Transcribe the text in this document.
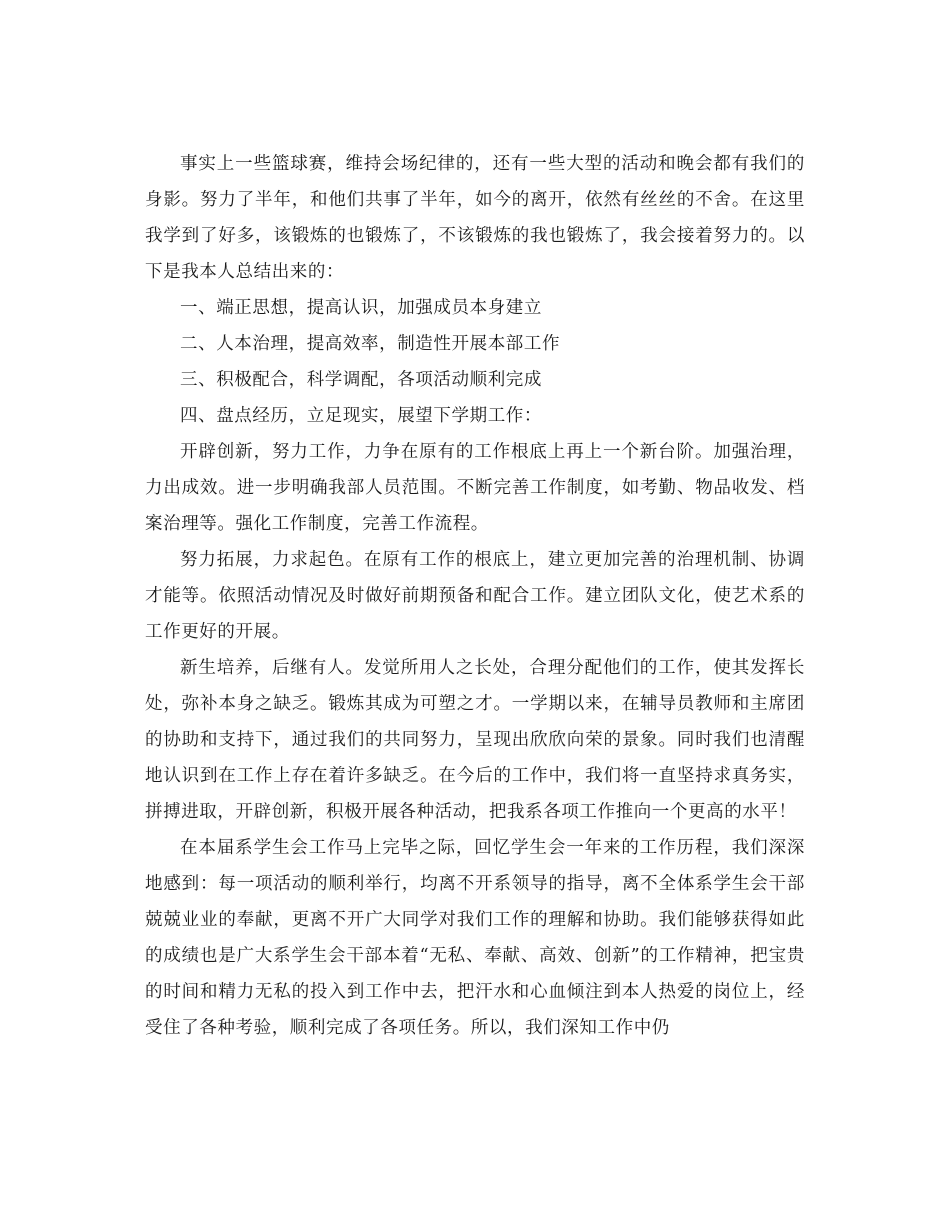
事实上一些篮球赛，维持会场纪律的，还有一些大型的活动和晚会都有我们的身影。努力了半年，和他们共事了半年，如今的离开，依然有丝丝的不舍。在这里我学到了好多，该锻炼的也锻炼了，不该锻炼的我也锻炼了，我会接着努力的。以下是我本人总结出来的：

一、端正思想，提高认识，加强成员本身建立

二、人本治理，提高效率，制造性开展本部工作

三、积极配合，科学调配，各项活动顺利完成

四、盘点经历，立足现实，展望下学期工作：

开辟创新，努力工作，力争在原有的工作根底上再上一个新台阶。加强治理，力出成效。进一步明确我部人员范围。不断完善工作制度，如考勤、物品收发、档案治理等。强化工作制度，完善工作流程。

努力拓展，力求起色。在原有工作的根底上，建立更加完善的治理机制、协调才能等。依照活动情况及时做好前期预备和配合工作。建立团队文化，使艺术系的工作更好的开展。

新生培养，后继有人。发觉所用人之长处，合理分配他们的工作，使其发挥长处，弥补本身之缺乏。锻炼其成为可塑之才。一学期以来，在辅导员教师和主席团的协助和支持下，通过我们的共同努力，呈现出欣欣向荣的景象。同时我们也清醒地认识到在工作上存在着许多缺乏。在今后的工作中，我们将一直坚持求真务实，拼搏进取，开辟创新，积极开展各种活动，把我系各项工作推向一个更高的水平！

在本届系学生会工作马上完毕之际，回忆学生会一年来的工作历程，我们深深地感到：每一项活动的顺利举行，均离不开系领导的指导，离不全体系学生会干部兢兢业业的奉献，更离不开广大同学对我们工作的理解和协助。我们能够获得如此的成绩也是广大系学生会干部本着“无私、奉献、高效、创新”的工作精神，把宝贵的时间和精力无私的投入到工作中去，把汗水和心血倾注到本人热爱的岗位上，经受住了各种考验，顺利完成了各项任务。所以，我们深知工作中仍
